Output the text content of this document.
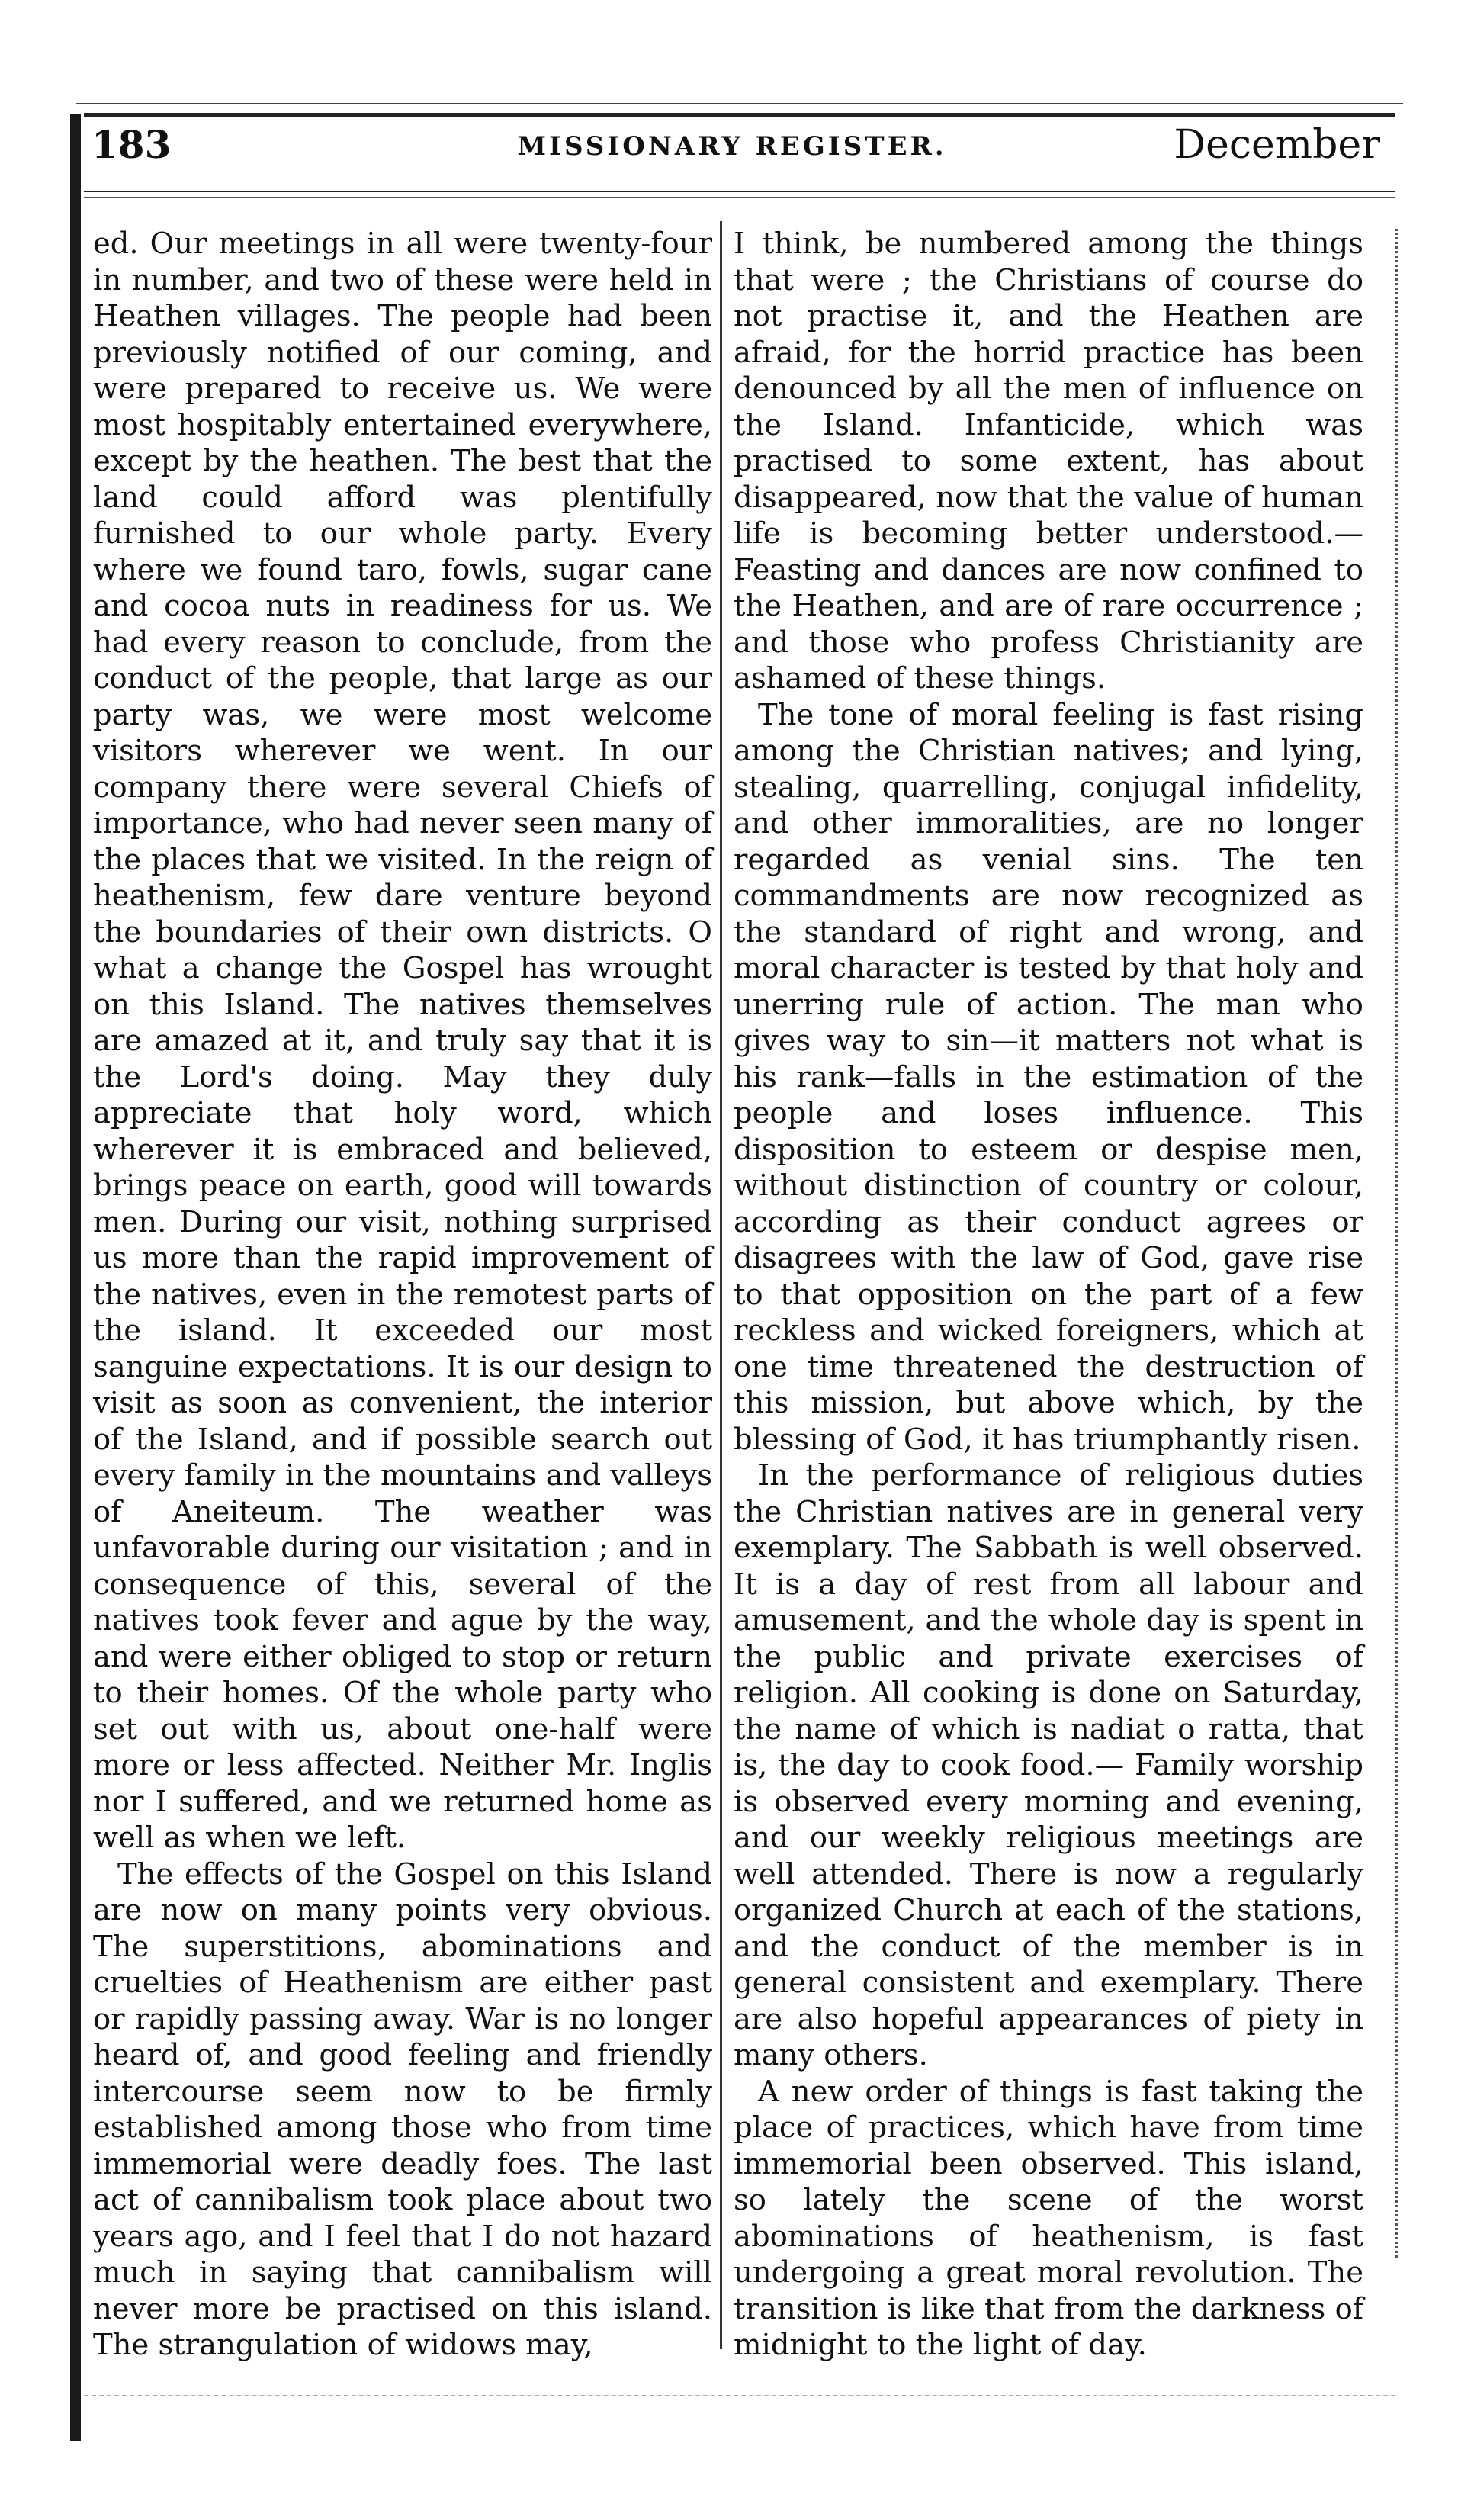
183	MISSIONARY REGISTER.	December

ed. Our meetings in all were twenty-four in number, and two of these were held in Heathen villages. The people had been previously notified of our coming, and were prepared to receive us. We were most hospitably entertained everywhere, except by the heathen. The best that the land could afford was plentifully furnished to our whole party. Every where we found taro, fowls, sugar cane and cocoa nuts in readiness for us. We had every reason to conclude, from the conduct of the people, that large as our party was, we were most welcome visitors wherever we went. In our company there were several Chiefs of importance, who had never seen many of the places that we visited. In the reign of heathenism, few dare venture beyond the boundaries of their own districts. O what a change the Gospel has wrought on this Island. The natives themselves are amazed at it, and truly say that it is the Lord's doing. May they duly appreciate that holy word, which wherever it is embraced and believed, brings peace on earth, good will towards men. During our visit, nothing surprised us more than the rapid improvement of the natives, even in the remotest parts of the island. It exceeded our most sanguine expectations. It is our design to visit as soon as convenient, the interior of the Island, and if possible search out every family in the mountains and valleys of Aneiteum. The weather was unfavorable during our visitation ; and in consequence of this, several of the natives took fever and ague by the way, and were either obliged to stop or return to their homes. Of the whole party who set out with us, about one-half were more or less affected. Neither Mr. Inglis nor I suffered, and we returned home as well as when we left.

The effects of the Gospel on this Island are now on many points very obvious. The superstitions, abominations and cruelties of Heathenism are either past or rapidly passing away. War is no longer heard of, and good feeling and friendly intercourse seem now to be firmly established among those who from time immemorial were deadly foes. The last act of cannibalism took place about two years ago, and I feel that I do not hazard much in saying that cannibalism will never more be practised on this island. The strangulation of widows may,

I think, be numbered among the things that were ; the Christians of course do not practise it, and the Heathen are afraid, for the horrid practice has been denounced by all the men of influence on the Island. Infanticide, which was practised to some extent, has about disappeared, now that the value of human life is becoming better understood.— Feasting and dances are now confined to the Heathen, and are of rare occurrence ; and those who profess Christianity are ashamed of these things.

The tone of moral feeling is fast rising among the Christian natives; and lying, stealing, quarrelling, conjugal infidelity, and other immoralities, are no longer regarded as venial sins. The ten commandments are now recognized as the standard of right and wrong, and moral character is tested by that holy and unerring rule of action. The man who gives way to sin—it matters not what is his rank—falls in the estimation of the people and loses influence. This disposition to esteem or despise men, without distinction of country or colour, according as their conduct agrees or disagrees with the law of God, gave rise to that opposition on the part of a few reckless and wicked foreigners, which at one time threatened the destruction of this mission, but above which, by the blessing of God, it has triumphantly risen.

In the performance of religious duties the Christian natives are in general very exemplary. The Sabbath is well observed. It is a day of rest from all labour and amusement, and the whole day is spent in the public and private exercises of religion. All cooking is done on Saturday, the name of which is nadiat o ratta, that is, the day to cook food.— Family worship is observed every morning and evening, and our weekly religious meetings are well attended. There is now a regularly organized Church at each of the stations, and the conduct of the member is in general consistent and exemplary. There are also hopeful appearances of piety in many others.

A new order of things is fast taking the place of practices, which have from time immemorial been observed. This island, so lately the scene of the worst abominations of heathenism, is fast undergoing a great moral revolution. The transition is like that from the darkness of midnight to the light of day.
